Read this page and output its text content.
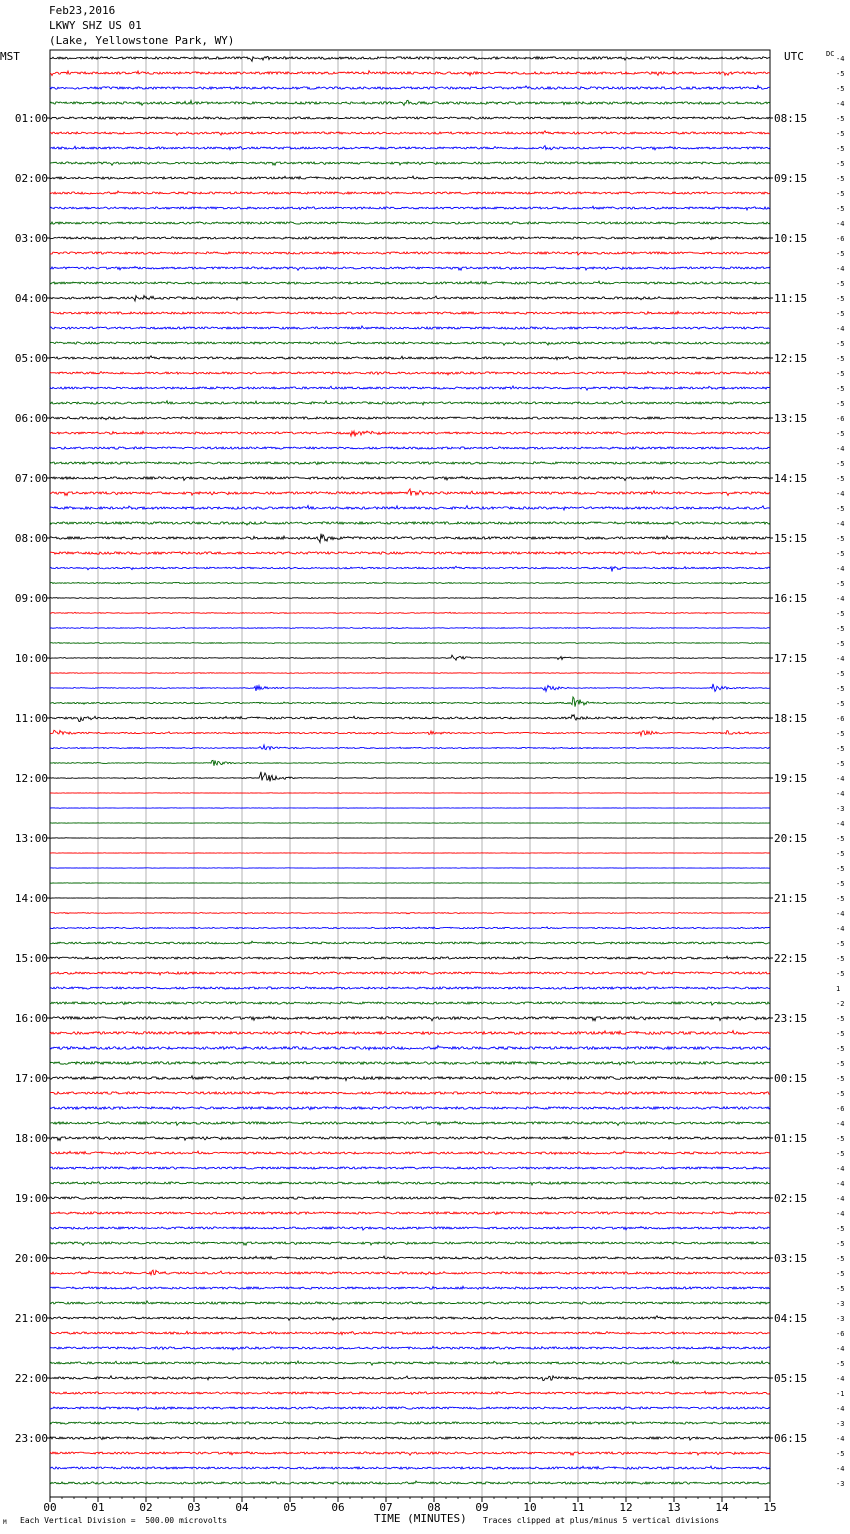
Feb23,2016
LKWY SHZ US 01
(Lake, Yellowstone Park, WY)
MST	UTC	DC
00	01	02	03	04	05	06	07	08	09	10	11	12	13	14	15
-4
-5
-5
-4
-5
-5
-5
-5
-5
-5
-5
-4
-6
-5
-4
-5
-5
-5
-4
-5
-5
-5
-5
-5
-6
-5
-4
-5
-5
-4
-5
-4
-5
-5
-4
-5
-4
-5
-5
-5
-4
-5
-5
-5
-6
-5
-5
-5
-4
-4
-3
-4
-5
-5
-5
-5
-5
-4
-4
-5
-5
-5
1
-2
-5
-5
-5
-5
-5
-5
-6
-4
-5
-5
-4
-4
-4
-4
-5
-5
-5
-5
-5
-3
-3
-6
-4
-5
-4
-1
-4
-3
-4
-5
-4
-3
01:00
02:00
03:00
04:00
05:00
06:00
07:00
08:00
09:00
10:00
11:00
12:00
13:00
14:00
15:00
16:00
17:00
18:00
19:00
20:00
21:00
22:00
23:00
08:15
09:15
10:15
11:15
12:15
13:15
14:15
15:15
16:15
17:15
18:15
19:15
20:15
21:15
22:15
23:15
00:15
01:15
02:15
03:15
04:15
05:15
06:15
M Each Vertical Division =  500.00 microvolts	TIME (MINUTES) Traces clipped at plus/minus 5 vertical divisions
